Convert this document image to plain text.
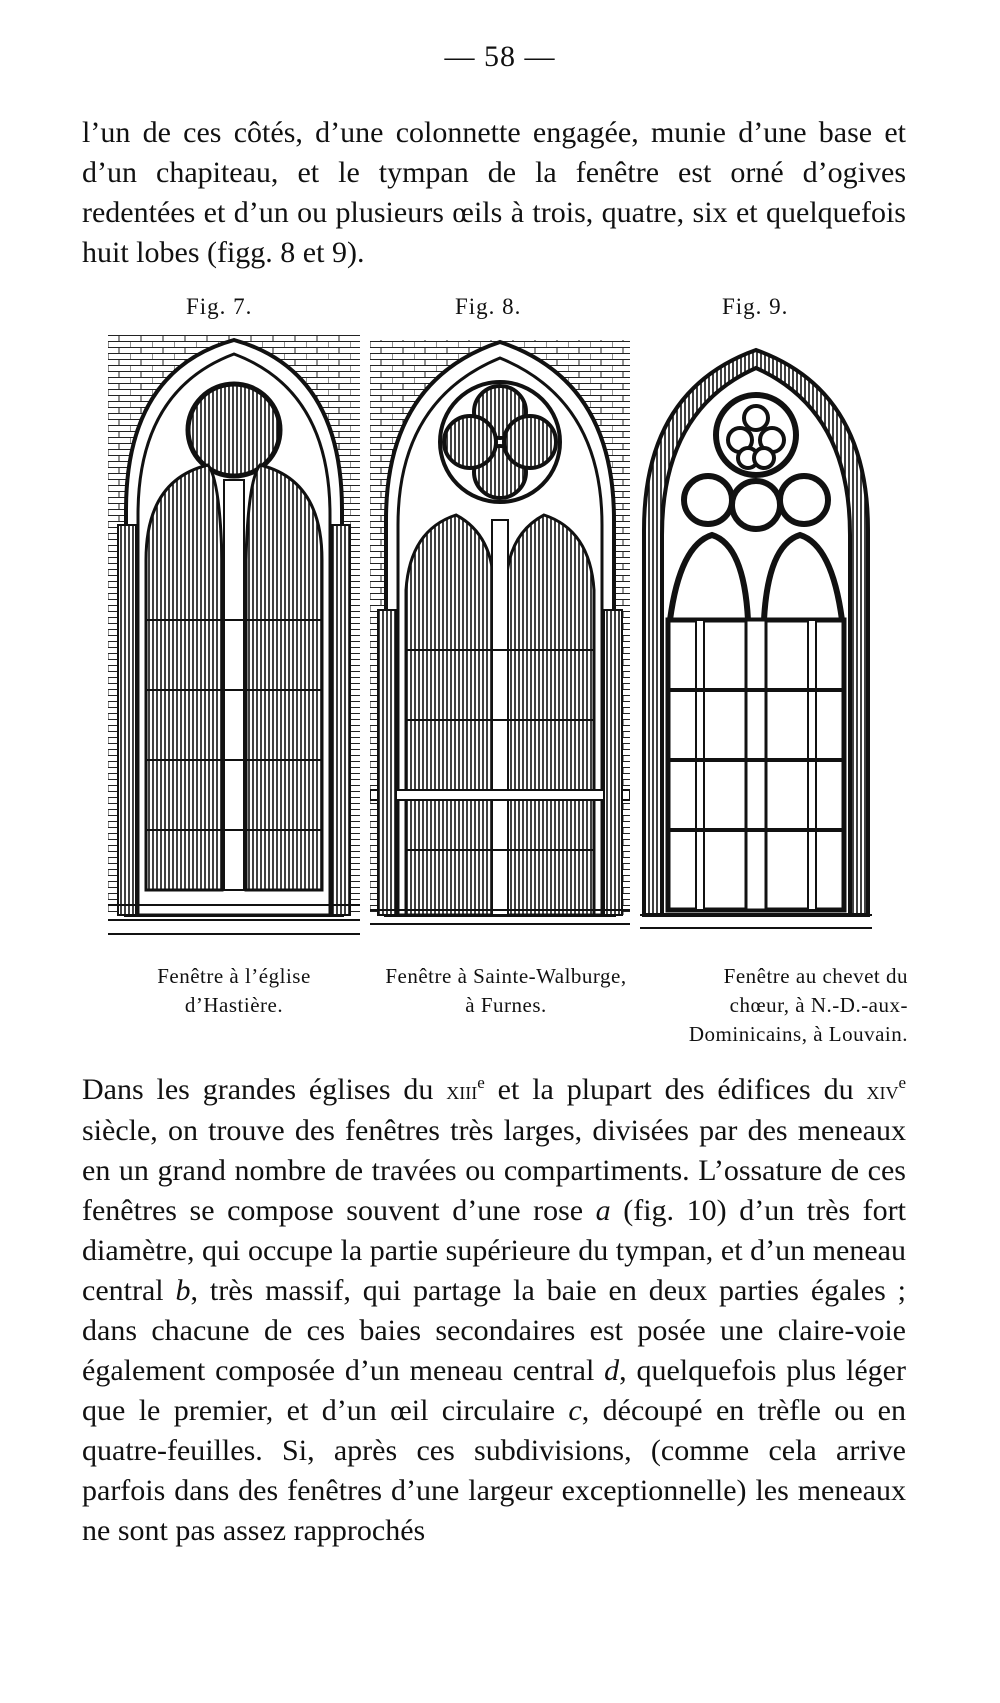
— 58 —

l’un de ces côtés, d’une colonnette engagée, munie d’une base et d’un chapiteau, et le tympan de la fenêtre est orné d’ogives redentées et d’un ou plusieurs œils à trois, quatre, six et quelquefois huit lobes (figg. 8 et 9).

Fig. 7.	Fig. 8.	Fig. 9.
Fenêtre à l’église
d’Hastière.
Fenêtre à Sainte-Walburge,
à Furnes.
Fenêtre au chevet du
chœur, à N.-D.-aux-
Dominicains, à Louvain.

Dans les grandes églises du xiii$^e$ et la plupart des édifices du xiv$^e$ siècle, on trouve des fenêtres très larges, divisées par des meneaux en un grand nombre de travées ou compartiments. L’ossature de ces fenêtres se compose souvent d’une rose a (fig. 10) d’un très fort diamètre, qui occupe la partie supérieure du tympan, et d’un meneau central b, très massif, qui partage la baie en deux parties égales ; dans chacune de ces baies secondaires est posée une claire-voie également composée d’un meneau central d, quelquefois plus léger que le premier, et d’un œil circulaire c, découpé en trèfle ou en quatre-feuilles. Si, après ces subdivisions, (comme cela arrive parfois dans des fenêtres d’une largeur exceptionnelle) les meneaux ne sont pas assez rapprochés
